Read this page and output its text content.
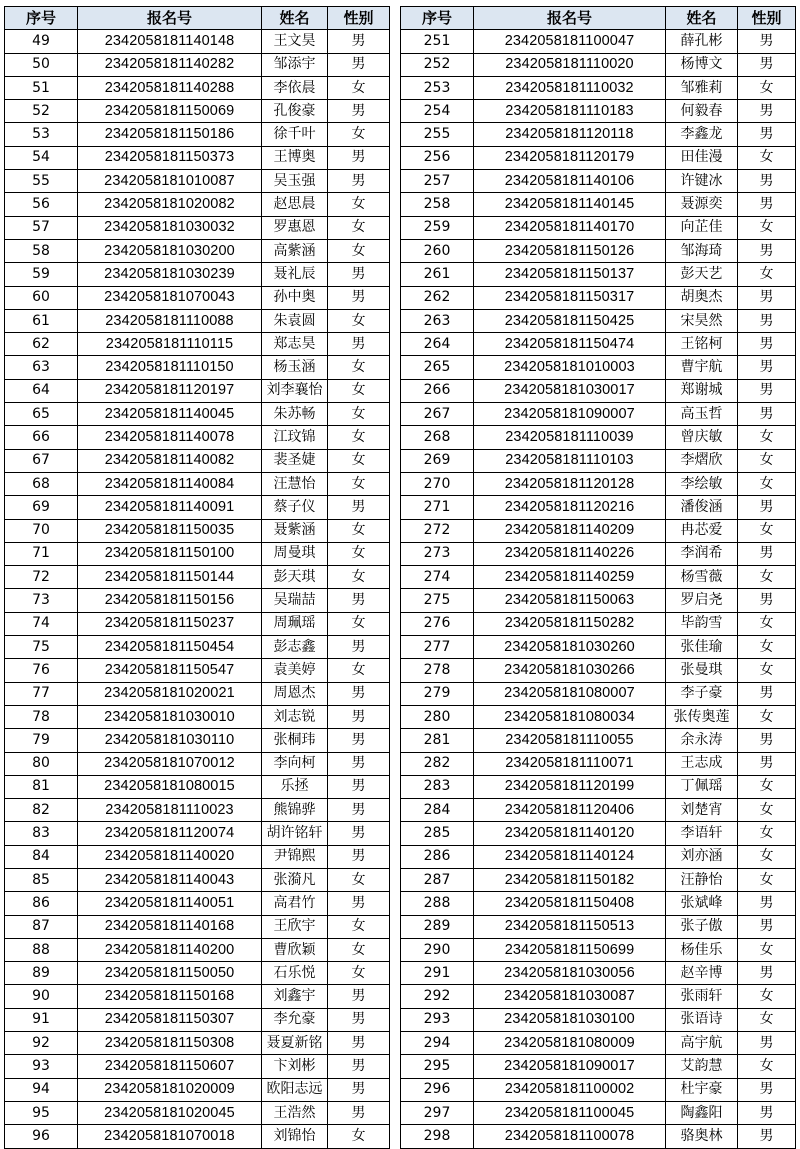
序号	报名号	姓名	性别
49	2342058181140148	王文昊	男
50	2342058181140282	邹添宇	男
51	2342058181140288	李依晨	女
52	2342058181150069	孔俊豪	男
53	2342058181150186	徐千叶	女
54	2342058181150373	王博奥	男
55	2342058181010087	吴玉强	男
56	2342058181020082	赵思晨	女
57	2342058181030032	罗惠恩	女
58	2342058181030200	高紫涵	女
59	2342058181030239	聂礼辰	男
60	2342058181070043	孙中奥	男
61	2342058181110088	朱袁圆	女
62	2342058181110115	郑志昊	男
63	2342058181110150	杨玉涵	女
64	2342058181120197	刘李襄怡	女
65	2342058181140045	朱苏畅	女
66	2342058181140078	江玟锦	女
67	2342058181140082	裴圣婕	女
68	2342058181140084	汪慧怡	女
69	2342058181140091	蔡子仪	男
70	2342058181150035	聂紫涵	女
71	2342058181150100	周曼琪	女
72	2342058181150144	彭天琪	女
73	2342058181150156	吴瑞喆	男
74	2342058181150237	周珮瑶	女
75	2342058181150454	彭志鑫	男
76	2342058181150547	袁美婷	女
77	2342058181020021	周恩杰	男
78	2342058181030010	刘志锐	男
79	2342058181030110	张桐玮	男
80	2342058181070012	李向柯	男
81	2342058181080015	乐拯	男
82	2342058181110023	熊锦骅	男
83	2342058181120074	胡许铭轩	男
84	2342058181140020	尹锦熙	男
85	2342058181140043	张漪凡	女
86	2342058181140051	高君竹	男
87	2342058181140168	王欣宇	女
88	2342058181140200	曹欣颖	女
89	2342058181150050	石乐悦	女
90	2342058181150168	刘鑫宇	男
91	2342058181150307	李允豪	男
92	2342058181150308	聂夏新铭	男
93	2342058181150607	卞刘彬	男
94	2342058181020009	欧阳志远	男
95	2342058181020045	王浩然	男
96	2342058181070018	刘锦怡	女
序号	报名号	姓名	性别
251	2342058181100047	薛孔彬	男
252	2342058181110020	杨博文	男
253	2342058181110032	邹雅莉	女
254	2342058181110183	何毅春	男
255	2342058181120118	李鑫龙	男
256	2342058181120179	田佳漫	女
257	2342058181140106	许键冰	男
258	2342058181140145	聂源奕	男
259	2342058181140170	向芷佳	女
260	2342058181150126	邹海琦	男
261	2342058181150137	彭天艺	女
262	2342058181150317	胡奥杰	男
263	2342058181150425	宋昊然	男
264	2342058181150474	王铭柯	男
265	2342058181010003	曹宇航	男
266	2342058181030017	郑谢城	男
267	2342058181090007	高玉哲	男
268	2342058181110039	曾庆敏	女
269	2342058181110103	李熠欣	女
270	2342058181120128	李绘敏	女
271	2342058181120216	潘俊涵	男
272	2342058181140209	冉芯爱	女
273	2342058181140226	李润希	男
274	2342058181140259	杨雪薇	女
275	2342058181150063	罗启尧	男
276	2342058181150282	毕韵雪	女
277	2342058181030260	张佳瑜	女
278	2342058181030266	张曼琪	女
279	2342058181080007	李子豪	男
280	2342058181080034	张传奥莲	女
281	2342058181110055	余永涛	男
282	2342058181110071	王志成	男
283	2342058181120199	丁佩瑶	女
284	2342058181120406	刘楚宵	女
285	2342058181140120	李语轩	女
286	2342058181140124	刘亦涵	女
287	2342058181150182	汪静怡	女
288	2342058181150408	张斌峰	男
289	2342058181150513	张子傲	男
290	2342058181150699	杨佳乐	女
291	2342058181030056	赵辛博	男
292	2342058181030087	张雨轩	女
293	2342058181030100	张语诗	女
294	2342058181080009	高宇航	男
295	2342058181090017	艾韵慧	女
296	2342058181100002	杜宇豪	男
297	2342058181100045	陶鑫阳	男
298	2342058181100078	骆奥林	男
